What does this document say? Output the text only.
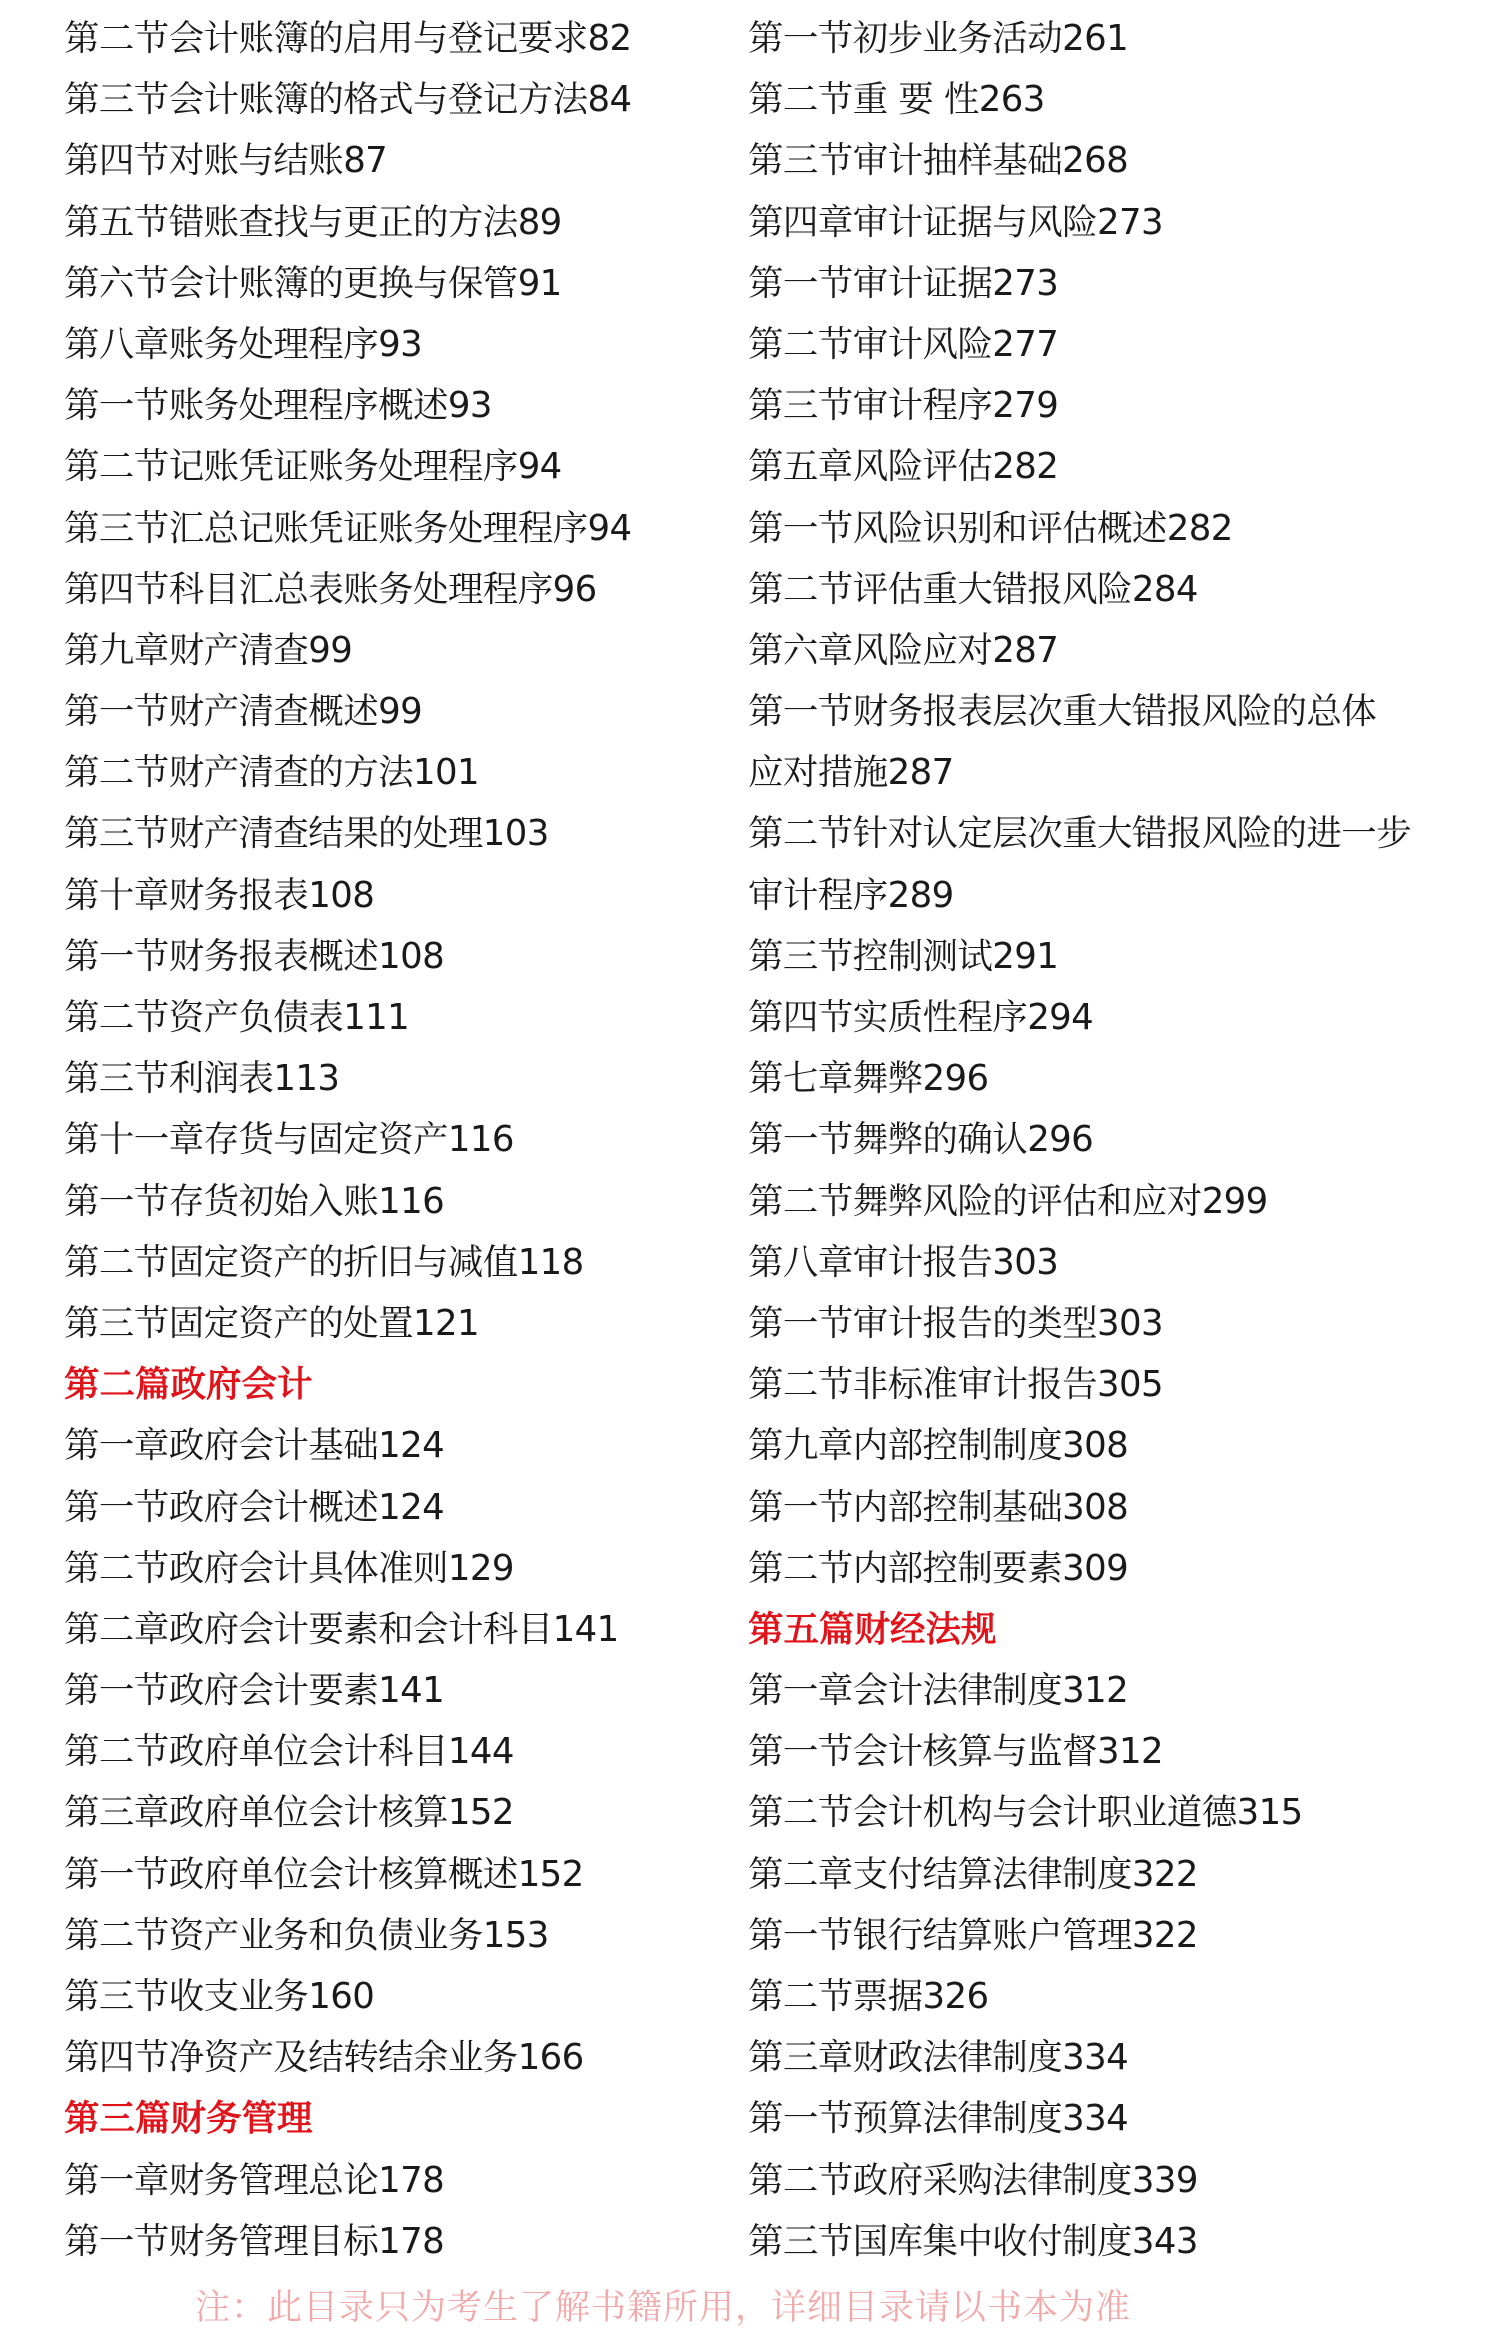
第二节会计账簿的启用与登记要求82
第三节会计账簿的格式与登记方法84
第四节对账与结账87
第五节错账查找与更正的方法89
第六节会计账簿的更换与保管91
第八章账务处理程序93
第一节账务处理程序概述93
第二节记账凭证账务处理程序94
第三节汇总记账凭证账务处理程序94
第四节科目汇总表账务处理程序96
第九章财产清查99
第一节财产清查概述99
第二节财产清查的方法101
第三节财产清查结果的处理103
第十章财务报表108
第一节财务报表概述108
第二节资产负债表111
第三节利润表113
第十一章存货与固定资产116
第一节存货初始入账116
第二节固定资产的折旧与减值118
第三节固定资产的处置121
第二篇政府会计
第一章政府会计基础124
第一节政府会计概述124
第二节政府会计具体准则129
第二章政府会计要素和会计科目141
第一节政府会计要素141
第二节政府单位会计科目144
第三章政府单位会计核算152
第一节政府单位会计核算概述152
第二节资产业务和负债业务153
第三节收支业务160
第四节净资产及结转结余业务166
第三篇财务管理
第一章财务管理总论178
第一节财务管理目标178
第一节初步业务活动261
第二节重 要 性263
第三节审计抽样基础268
第四章审计证据与风险273
第一节审计证据273
第二节审计风险277
第三节审计程序279
第五章风险评估282
第一节风险识别和评估概述282
第二节评估重大错报风险284
第六章风险应对287
第一节财务报表层次重大错报风险的总体
应对措施287
第二节针对认定层次重大错报风险的进一步
审计程序289
第三节控制测试291
第四节实质性程序294
第七章舞弊296
第一节舞弊的确认296
第二节舞弊风险的评估和应对299
第八章审计报告303
第一节审计报告的类型303
第二节非标准审计报告305
第九章内部控制制度308
第一节内部控制基础308
第二节内部控制要素309
第五篇财经法规
第一章会计法律制度312
第一节会计核算与监督312
第二节会计机构与会计职业道德315
第二章支付结算法律制度322
第一节银行结算账户管理322
第二节票据326
第三章财政法律制度334
第一节预算法律制度334
第二节政府采购法律制度339
第三节国库集中收付制度343
注：此目录只为考生了解书籍所用，详细目录请以书本为准
